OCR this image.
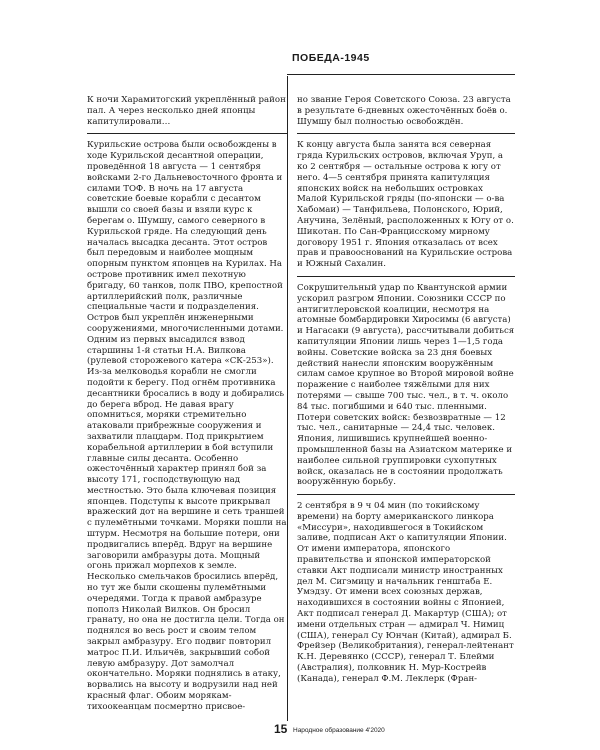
ПОБЕДА-1945

К ночи Харамитогский укреплённый район пал. А через несколько дней японцы капитулировали…

Курильские острова были освобождены в ходе Курильской десантной операции, проведённой 18 августа — 1 сентября войсками 2-го Дальневосточного фронта и силами ТОФ. В ночь на 17 августа советские боевые корабли с десантом вышли со своей базы и взяли курс к берегам о. Шумшу, самого северного в Курильской гряде. На следующий день началась высадка десанта. Этот остров был передовым и наиболее мощным опорным пунктом японцев на Курилах. На острове противник имел пехотную бригаду, 60 танков, полк ПВО, крепостной артиллерийский полк, различные специальные части и подразделения. Остров был укреплён инженерными сооружениями, многочисленными дотами. Одним из первых высадился взвод старшины 1-й статьи Н.А. Вилкова (рулевой сторожевого катера «СК-253»). Из-за мелководья корабли не смогли подойти к берегу. Под огнём противника десантники бросались в воду и добирались до берега вброд. Не давая врагу опомниться, моряки стремительно атаковали прибрежные сооружения и захватили плацдарм. Под прикрытием корабельной артиллерии в бой вступили главные силы десанта. Особенно ожесточённый характер принял бой за высоту 171, господствующую над местностью. Это была ключевая позиция японцев. Подступы к высоте прикрывал вражеский дот на вершине и сеть траншей с пулемётными точками. Моряки пошли на штурм. Несмотря на большие потери, они продвигались вперёд. Вдруг на вершине заговорили амбразуры дота. Мощный огонь прижал морпехов к земле. Несколько смельчаков бросились вперёд, но тут же были скошены пулемётными очередями. Тогда к правой амбразуре пополз Николай Вилков. Он бросил гранату, но она не достигла цели. Тогда он поднялся во весь рост и своим телом закрыл амбразуру. Его подвиг повторил матрос П.И. Ильичёв, закрывший собой левую амбразуру. Дот замолчал окончательно. Моряки поднялись в атаку, ворвались на высоту и водрузили над ней красный флаг. Обоим морякам-тихоокеанцам посмертно присвое-

но звание Героя Советского Союза. 23 августа в результате 6-дневных ожесточённых боёв о. Шумшу был полностью освобождён.

К концу августа была занята вся северная гряда Курильских островов, включая Уруп, а ко 2 сентября — остальные острова к югу от него. 4—5 сентября принята капитуляция японских войск на небольших островках Малой Курильской гряды (по-японски — о-ва Хабомаи) — Танфильева, Полонского, Юрий, Анучина, Зелёный, расположенных к Югу от о. Шикотан. По Сан-Францисскому мирному договору 1951 г. Япония отказалась от всех прав и правооснований на Курильские острова и Южный Сахалин.

Сокрушительный удар по Квантунской армии ускорил разгром Японии. Союзники СССР по антигитлеровской коалиции, несмотря на атомные бомбардировки Хиросимы (6 августа) и Нагасаки (9 августа), рассчитывали добиться капитуляции Японии лишь через 1—1,5 года войны. Советские войска за 23 дня боевых действий нанесли японским вооружённым силам самое крупное во Второй мировой войне поражение с наиболее тяжёлыми для них потерями — свыше 700 тыс. чел., в т. ч. около 84 тыс. погибшими и 640 тыс. пленными. Потери советских войск: безвозвратные — 12 тыс. чел., санитарные — 24,4 тыс. человек. Япония, лишившись крупнейшей военно-промышленной базы на Азиатском материке и наиболее сильной группировки сухопутных войск, оказалась не в состоянии продолжать вооружённую борьбу.

2 сентября в 9 ч 04 мин (по токийскому времени) на борту американского линкора «Миссури», находившегося в Токийском заливе, подписан Акт о капитуляции Японии. От имени императора, японского правительства и японской императорской ставки Акт подписали министр иностранных дел М. Сигэмицу и начальник генштаба Е. Умэдзу. От имени всех союзных держав, находившихся в состоянии войны с Японией, Акт подписал генерал Д. Макартур (США); от имени отдельных стран — адмирал Ч. Нимиц (США), генерал Су Юнчан (Китай), адмирал Б. Фрейзер (Великобритания), генерал-лейтенант К.Н. Деревянко (СССР), генерал Т. Блейми (Австралия), полковник Н. Мур-Кострейв (Канада), генерал Ф.М. Леклерк (Фран-

15 Народное образование 4'2020
